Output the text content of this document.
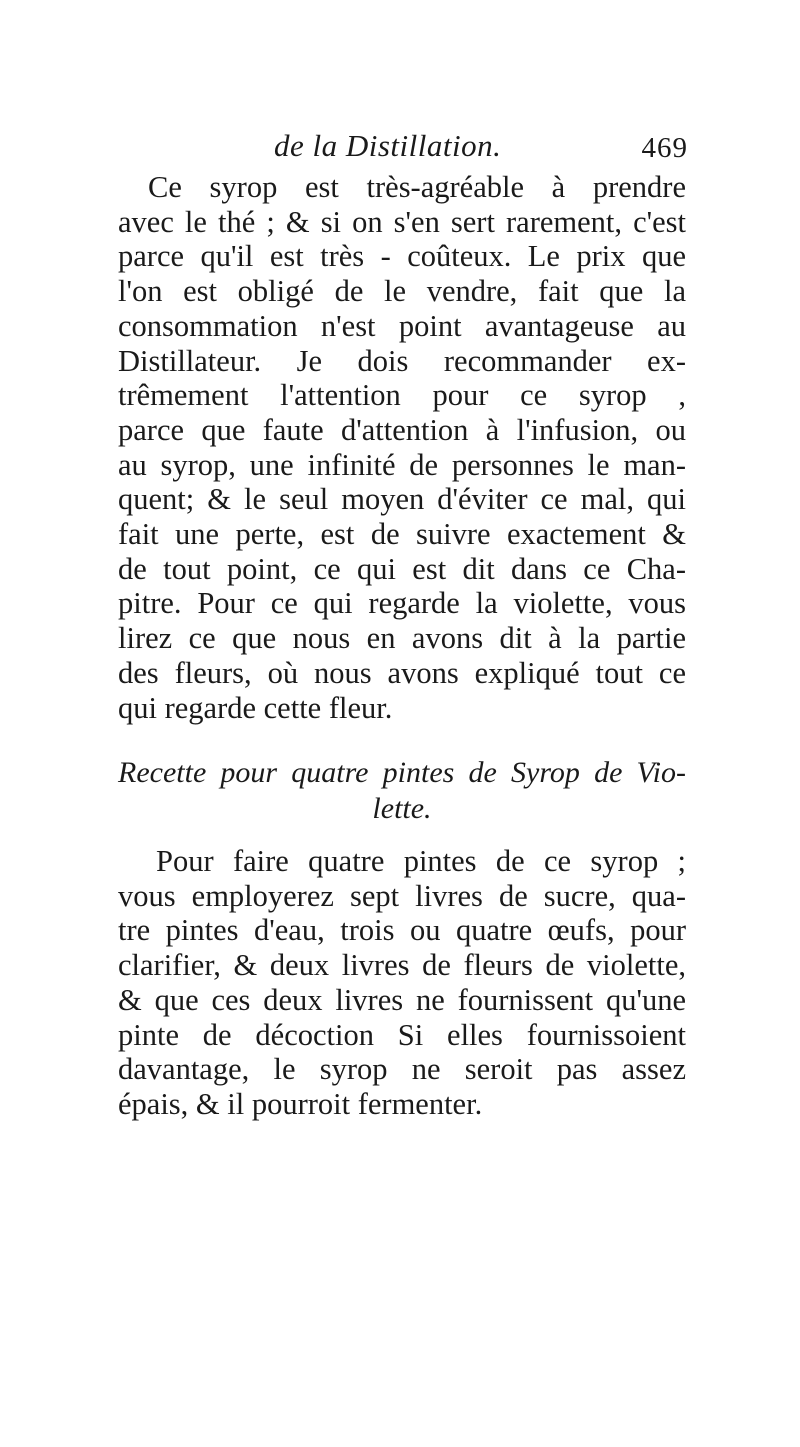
de la Distillation.	469
Ce syrop est très-agréable à prendre
avec le thé ; & si on s'en sert rarement, c'est
parce qu'il est très - coûteux. Le prix que
l'on est obligé de le vendre, fait que la
consommation n'est point avantageuse au
Distillateur. Je dois recommander ex-
trêmement l'attention pour ce syrop ,
parce que faute d'attention à l'infusion, ou
au syrop, une infinité de personnes le man-
quent; & le seul moyen d'éviter ce mal, qui
fait une perte, est de suivre exactement &
de tout point, ce qui est dit dans ce Cha-
pitre. Pour ce qui regarde la violette, vous
lirez ce que nous en avons dit à la partie
des fleurs, où nous avons expliqué tout ce
qui regarde cette fleur.
Recette pour quatre pintes de Syrop de Vio-
lette.
Pour faire quatre pintes de ce syrop ;
vous employerez sept livres de sucre, qua-
tre pintes d'eau, trois ou quatre œufs, pour
clarifier, & deux livres de fleurs de violette,
& que ces deux livres ne fournissent qu'une
pinte de décoction Si elles fournissoient
davantage, le syrop ne seroit pas assez
épais, & il pourroit fermenter.
